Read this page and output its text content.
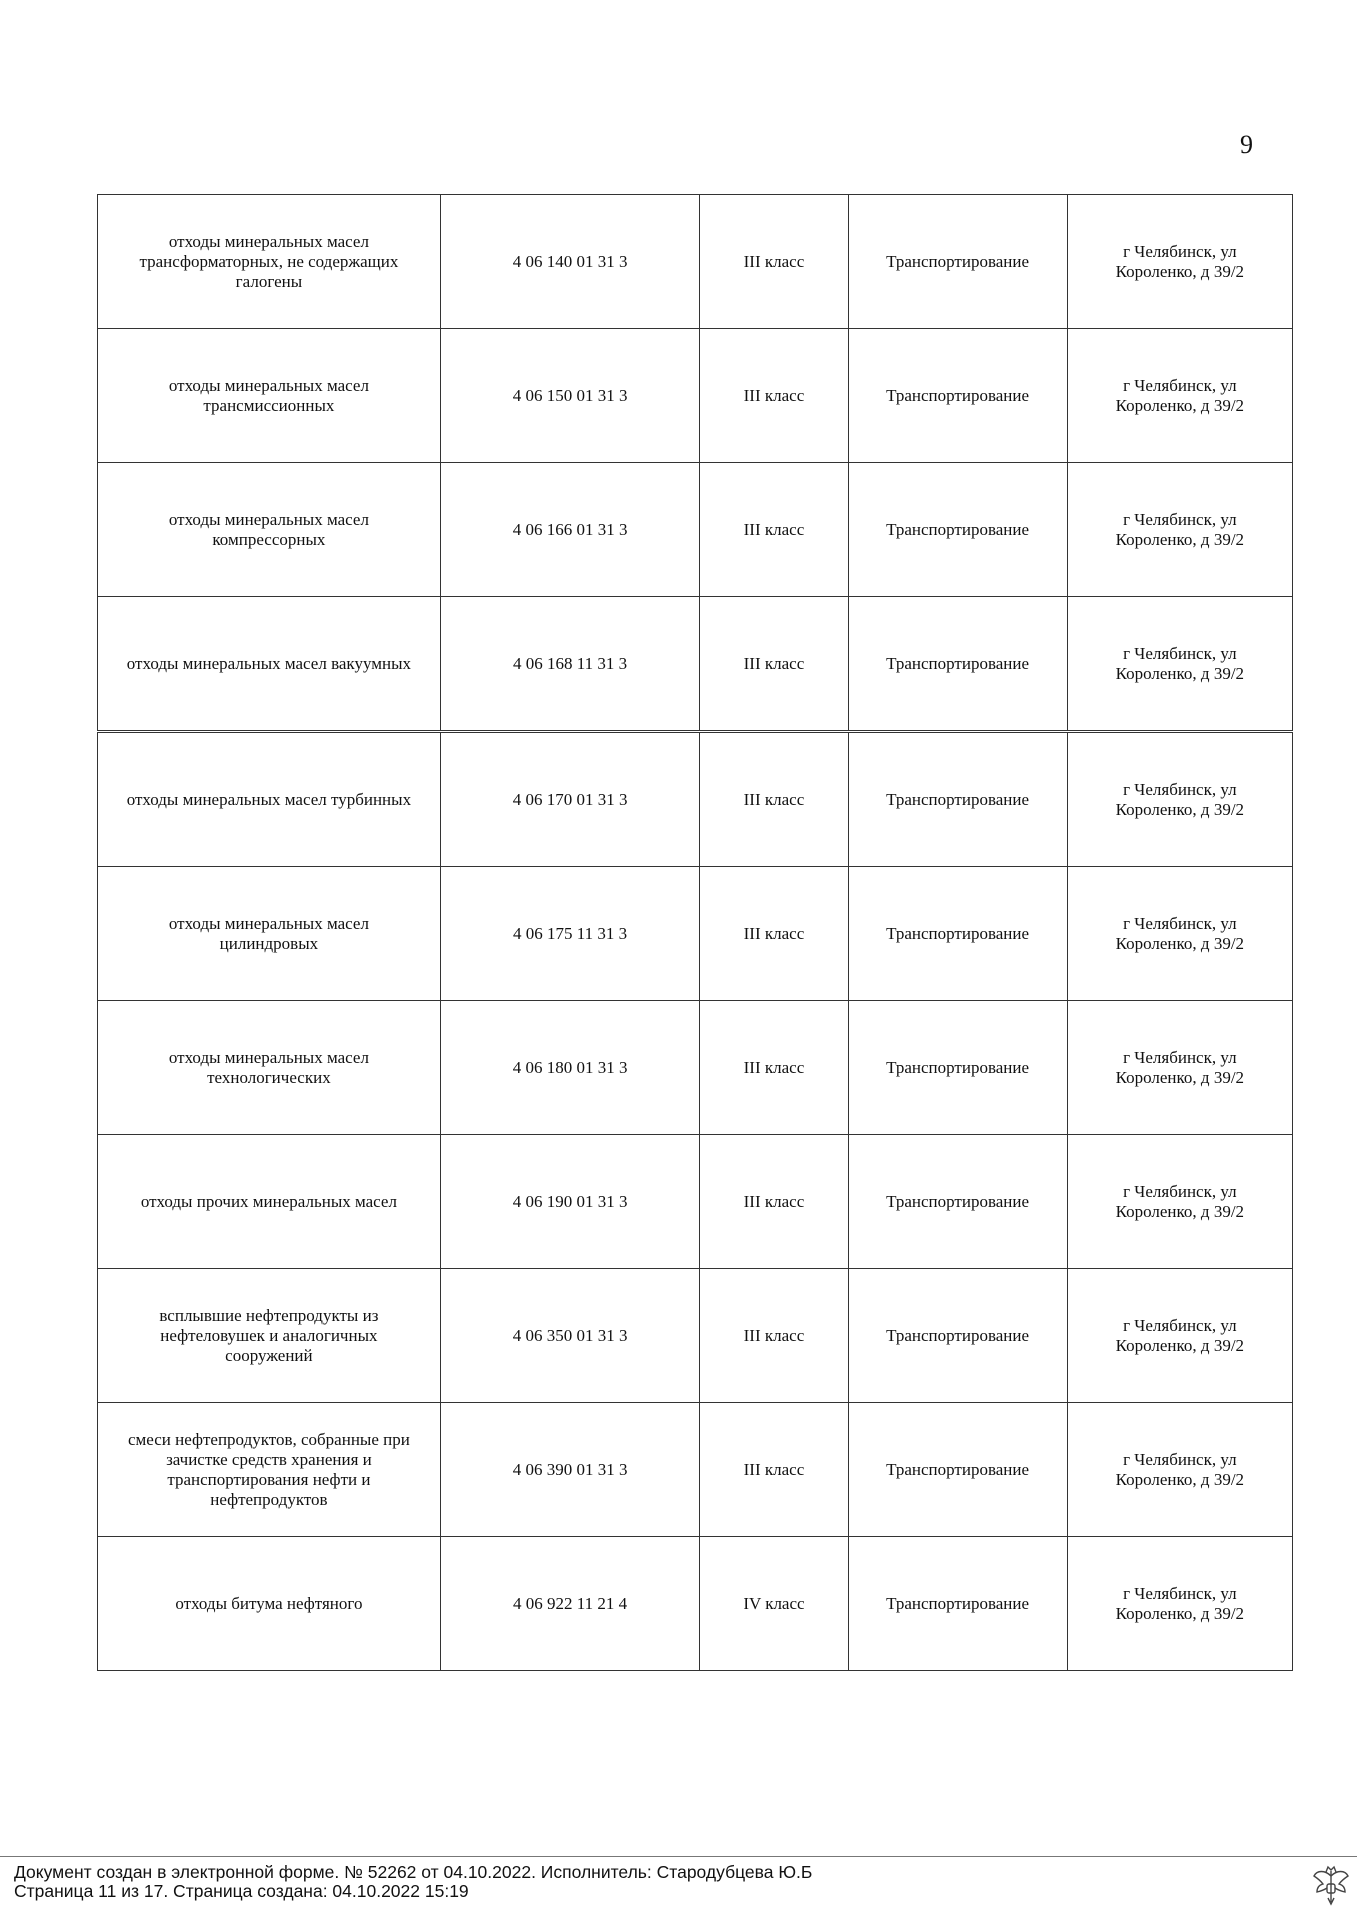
9
отходы минеральных масел трансформаторных, не содержащих галогены	4 06 140 01 31 3	III класс	Транспортирование	г Челябинск, ул Короленко, д 39/2
отходы минеральных масел трансмиссионных	4 06 150 01 31 3	III класс	Транспортирование	г Челябинск, ул Короленко, д 39/2
отходы минеральных масел компрессорных	4 06 166 01 31 3	III класс	Транспортирование	г Челябинск, ул Короленко, д 39/2
отходы минеральных масел вакуумных	4 06 168 11 31 3	III класс	Транспортирование	г Челябинск, ул Короленко, д 39/2
отходы минеральных масел турбинных	4 06 170 01 31 3	III класс	Транспортирование	г Челябинск, ул Короленко, д 39/2
отходы минеральных масел цилиндровых	4 06 175 11 31 3	III класс	Транспортирование	г Челябинск, ул Короленко, д 39/2
отходы минеральных масел технологических	4 06 180 01 31 3	III класс	Транспортирование	г Челябинск, ул Короленко, д 39/2
отходы прочих минеральных масел	4 06 190 01 31 3	III класс	Транспортирование	г Челябинск, ул Короленко, д 39/2
всплывшие нефтепродукты из нефтеловушек и аналогичных сооружений	4 06 350 01 31 3	III класс	Транспортирование	г Челябинск, ул Короленко, д 39/2
смеси нефтепродуктов, собранные при зачистке средств хранения и транспортирования нефти и нефтепродуктов	4 06 390 01 31 3	III класс	Транспортирование	г Челябинск, ул Короленко, д 39/2
отходы битума нефтяного	4 06 922 11 21 4	IV класс	Транспортирование	г Челябинск, ул Короленко, д 39/2
Документ создан в электронной форме. № 52262 от 04.10.2022. Исполнитель: Стародубцева Ю.Б
Страница 11 из 17. Страница создана: 04.10.2022 15:19
